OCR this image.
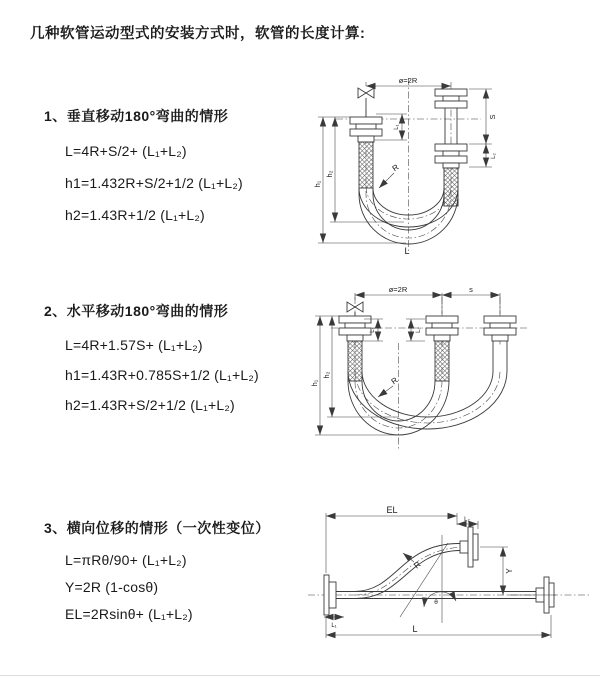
几种软管运动型式的安装方式时，软管的长度计算:
1、垂直移动180°弯曲的情形
L=4R+S/2+ (L₁+L₂)
h1=1.432R+S/2+1/2 (L₁+L₂)
h2=1.43R+1/2 (L₁+L₂)
2、水平移动180°弯曲的情形
L=4R+1.57S+ (L₁+L₂)
h1=1.43R+0.785S+1/2 (L₁+L₂)
h2=1.43R+S/2+1/2 (L₁+L₂)
3、横向位移的情形（一次性变位）
L=πRθ/90+ (L₁+L₂)
Y=2R (1-cosθ)
EL=2Rsinθ+ (L₁+L₂)
ø=2R
h₁
h₂
S
L₂
L₁
R
L
ø=2R	s
h₁
h₂
L₁	L₂
R
EL
L₂
Y
L
L₁
R
θ
